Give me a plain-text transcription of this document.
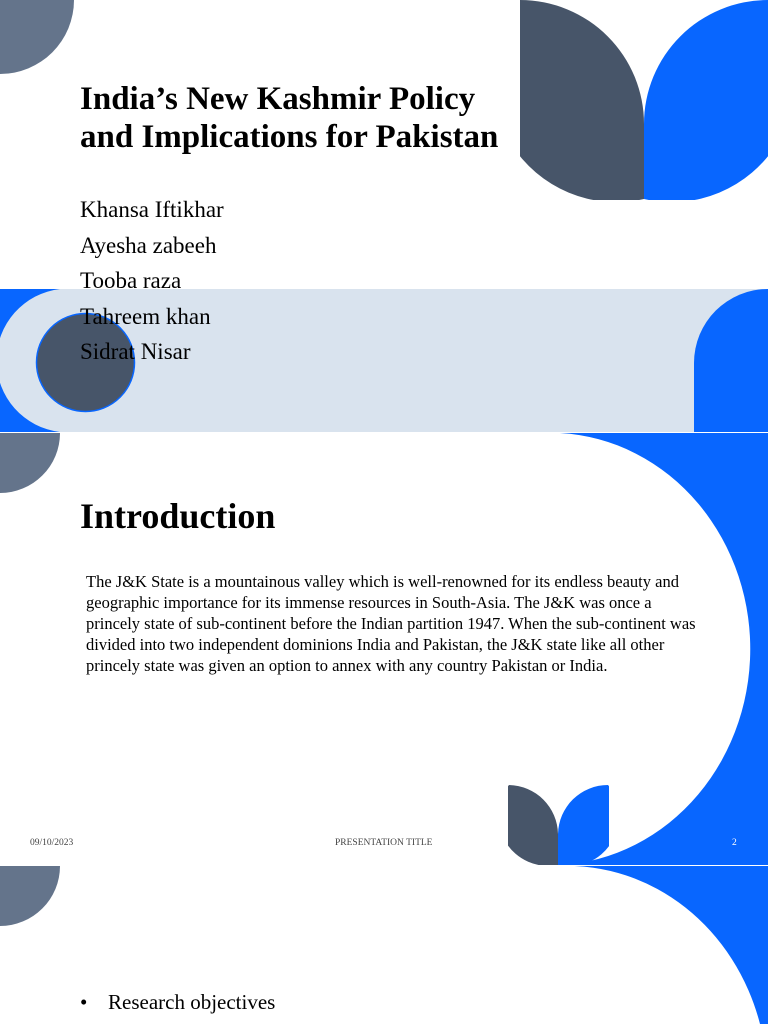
India’s New Kashmir Policy and Implications for Pakistan
Khansa Iftikhar
Ayesha zabeeh
Tooba raza
Tahreem khan
Sidrat Nisar
Introduction

The J&K State is a mountainous valley which is well-renowned for its endless beauty and geographic importance for its immense resources in South-Asia. The J&K was once a princely state of sub-continent before the Indian partition 1947. When the sub-continent was divided into two independent dominions India and Pakistan, the J&K state like all other princely state was given an option to annex with any country Pakistan or India.

09/10/2023	PRESENTATION TITLE	2
• Research objectives
